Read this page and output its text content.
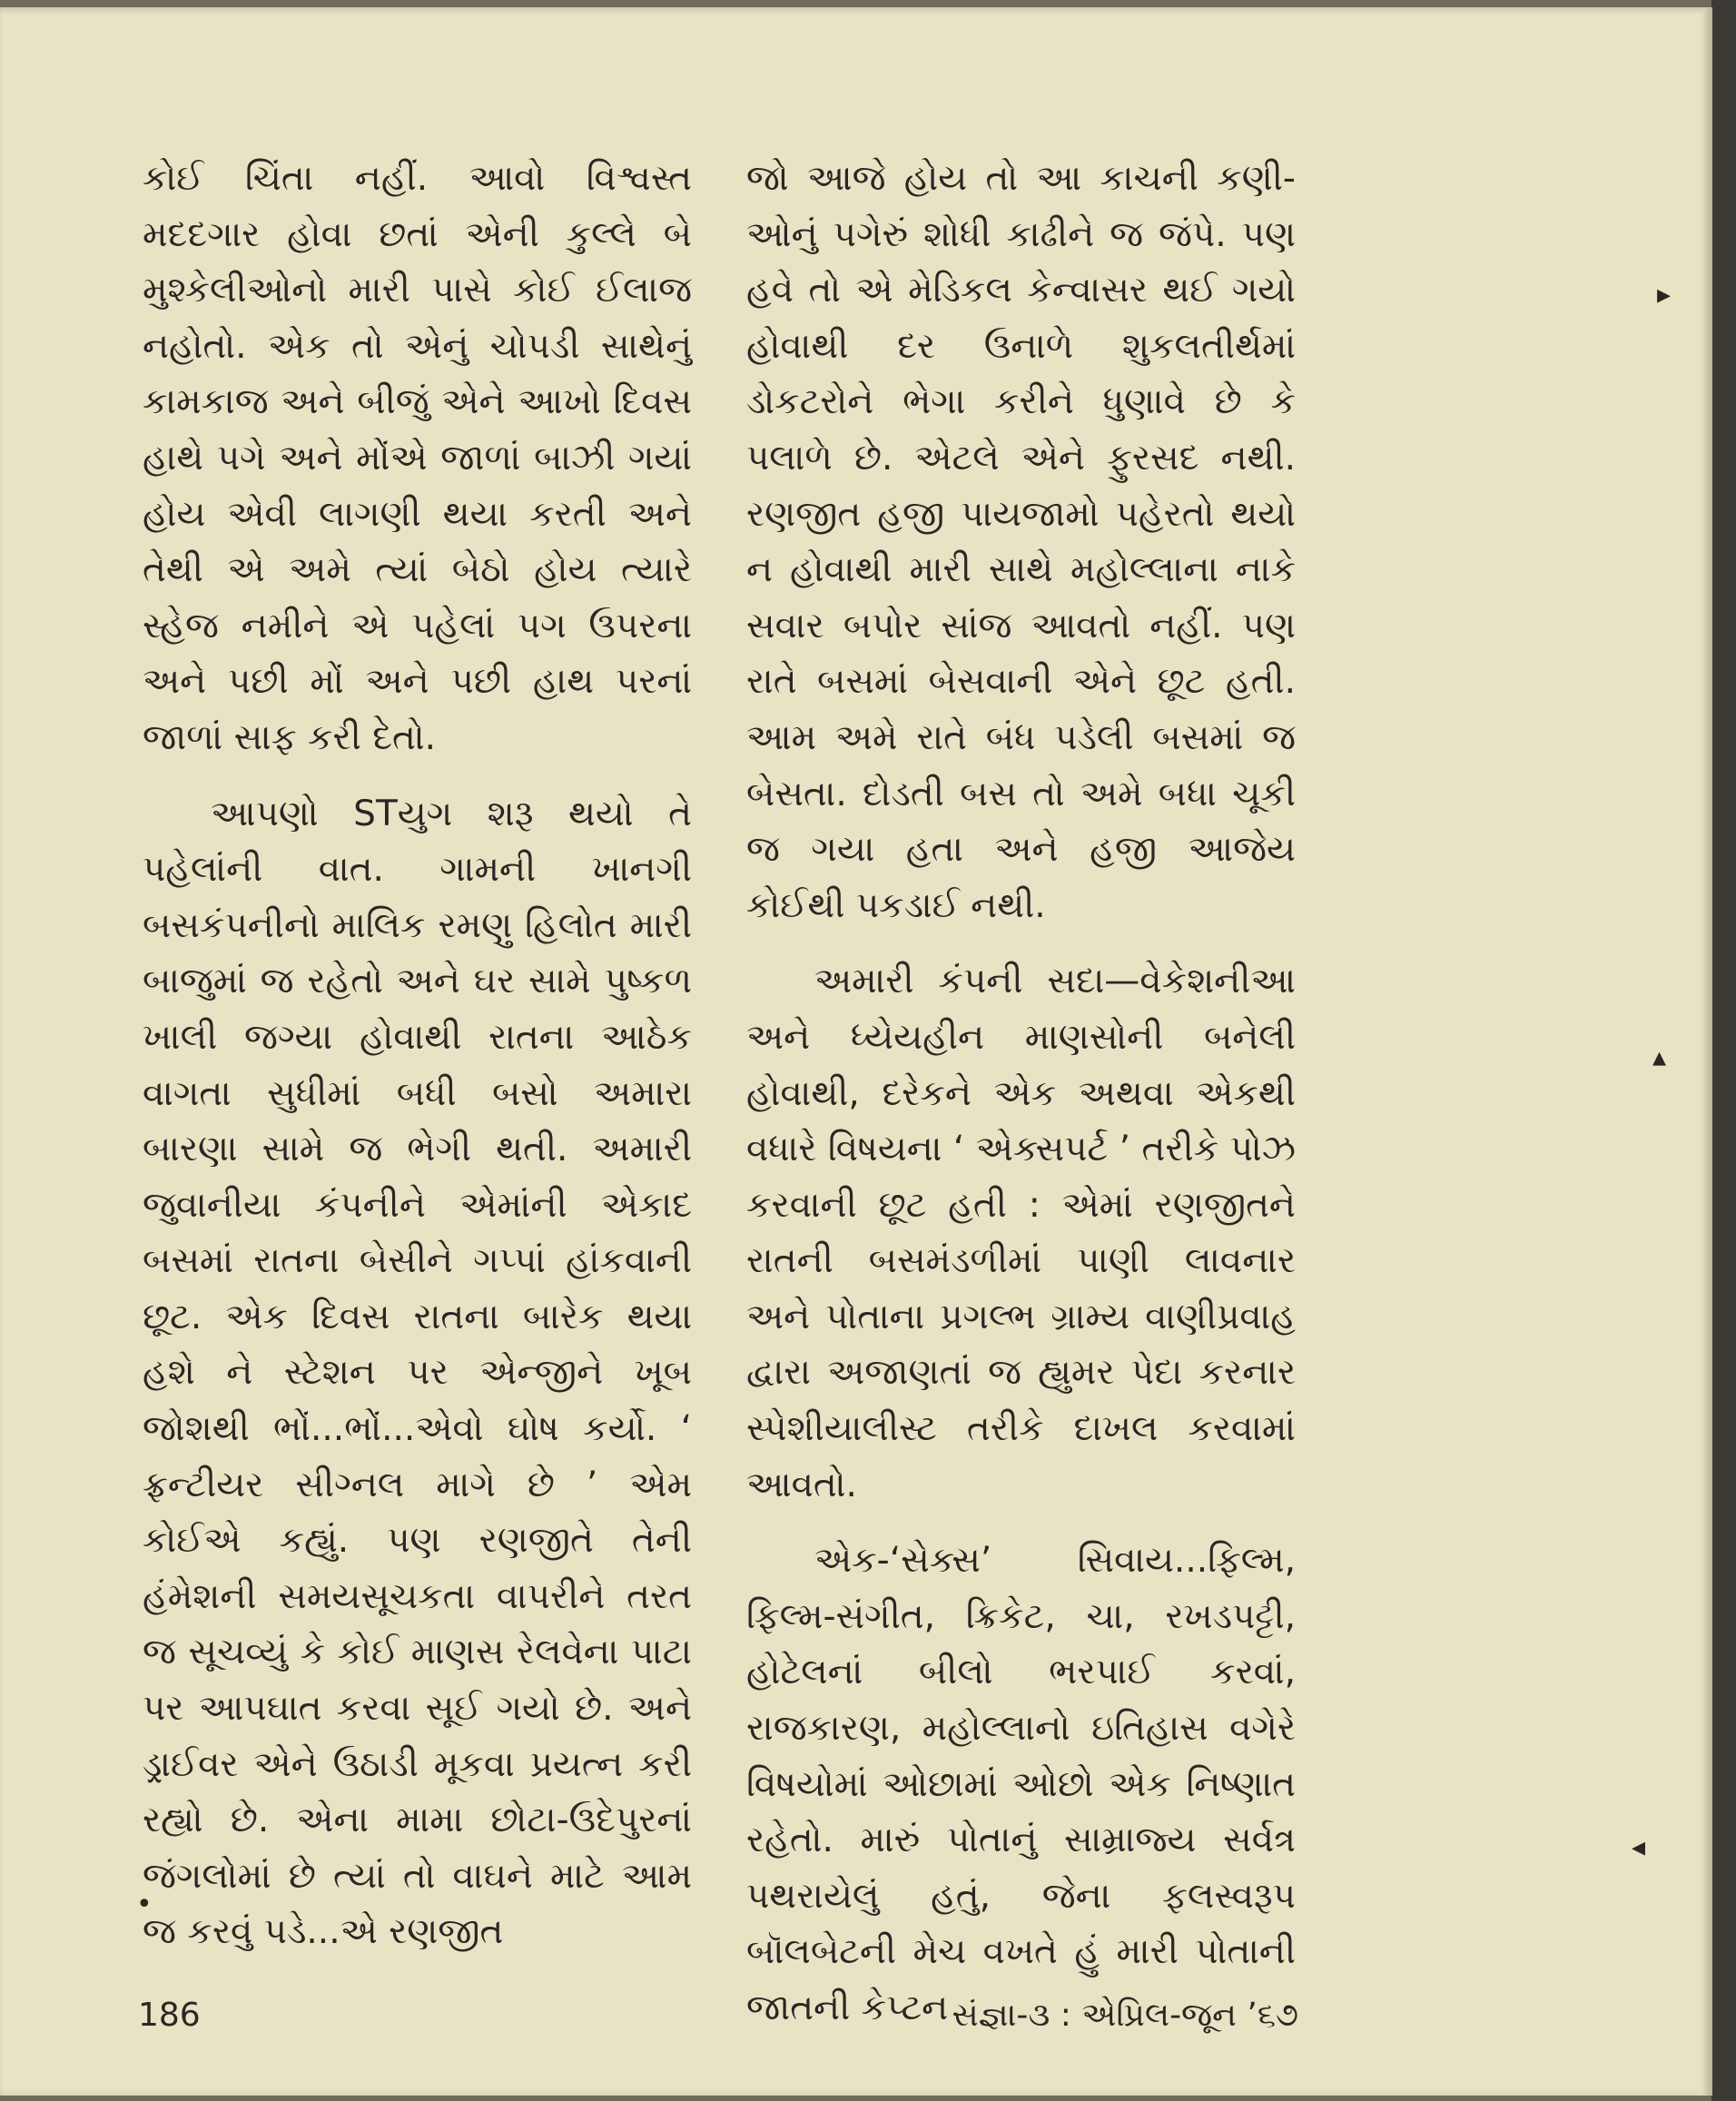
કોઈ ચિંતા નહીં. આવો વિશ્વસ્ત મદદગાર હોવા છતાં એની કુલ્લે બે મુશ્કેલીઓનો મારી પાસે કોઈ ઈલાજ નહોતો. એક તો એનું ચોપડી સાથેનું કામકાજ અને બીજું એને આખો દિવસ હાથે પગે અને મોંએ જાળાં બાઝી ગયાં હોય એવી લાગણી થયા કરતી અને તેથી એ અમે ત્યાં બેઠો હોય ત્યારે સ્હેજ નમીને એ પહેલાં પગ ઉપરના અને પછી મોં અને પછી હાથ પરનાં જાળાં સાફ કરી દેતો.

આપણો STયુગ શરૂ થયો તે પહેલાંની વાત. ગામની ખાનગી બસકંપનીનો માલિક રમણુ હિલોત મારી બાજુમાં જ રહેતો અને ઘર સામે પુષ્કળ ખાલી જગ્યા હોવાથી રાતના આઠેક વાગતા સુધીમાં બધી બસો અમારા બારણા સામે જ ભેગી થતી. અમારી જુવાનીયા કંપનીને એમાંની એકાદ બસમાં રાતના બેસીને ગપ્પાં હાંકવાની છૂટ. એક દિવસ રાતના બારેક થયા હશે ને સ્ટેશન પર એન્જીને ખૂબ જોશથી ભોં...ભોં...એવો ઘોષ કર્યો. ‘ ફ્રન્ટીયર સીગ્નલ માગે છે ’ એમ કોઈએ કહ્યું. પણ રણજીતે તેની હંમેશની સમયસૂચકતા વાપરીને તરત જ સૂચવ્યું કે કોઈ માણસ રેલવેના પાટા પર આપઘાત કરવા સૂઈ ગયો છે. અને ડ્રાઈવર એને ઉઠાડી મૂકવા પ્રયત્ન કરી રહ્યો છે. એના મામા છોટા-ઉદેપુરનાં જંગલોમાં છે ત્યાં તો વાઘને માટે આમ જ કરવું પડે...એ રણજીત

જો આજે હોય તો આ કાચની કણી-ઓનું પગેરું શોધી કાઢીને જ જંપે. પણ હવે તો એ મેડિકલ કેન્વાસર થઈ ગયો હોવાથી દર ઉનાળે શુકલતીર્થમાં ડોકટરોને ભેગા કરીને ધુણાવે છે કે પલાળે છે. એટલે એને ફુરસદ નથી. રણજીત હજી પાયજામો પહેરતો થયો ન હોવાથી મારી સાથે મહોલ્લાના નાકે સવાર બપોર સાંજ આવતો નહીં. પણ રાતે બસમાં બેસવાની એને છૂટ હતી. આમ અમે રાતે બંધ પડેલી બસમાં જ બેસતા. દોડતી બસ તો અમે બધા ચૂકી જ ગયા હતા અને હજી આજેય કોઈથી પકડાઈ નથી.

અમારી કંપની સદા—વેકેશનીઆ અને ધ્યેયહીન માણસોની બનેલી હોવાથી, દરેકને એક અથવા એકથી વધારે વિષયના ‘ એક્સપર્ટ ’ તરીકે પોઝ કરવાની છૂટ હતી : એમાં રણજીતને રાતની બસમંડળીમાં પાણી લાવનાર અને પોતાના પ્રગલ્ભ ગ્રામ્ય વાણીપ્રવાહ દ્વારા અજાણતાં જ હ્યુમર પેદા કરનાર સ્પેશીયાલીસ્ટ તરીકે દાખલ કરવામાં આવતો.

એક-‘સેક્સ’ સિવાય...ફિલ્મ, ફિલ્મ-સંગીત, ક્રિકેટ, ચા, રખડપટ્ટી, હોટેલનાં બીલો ભરપાઈ કરવાં, રાજકારણ, મહોલ્લાનો ઇતિહાસ વગેરે વિષયોમાં ઓછામાં ઓછો એક નિષ્ણાત રહેતો. મારું પોતાનું સામ્રાજ્ય સર્વત્ર પથરાયેલું હતું, જેના ફલસ્વરૂપ બૉલબેટની મેચ વખતે હું મારી પોતાની જાતની કેપ્ટન

▸
▴
◂
•
186	સંજ્ઞા-૩ : એપ્રિલ-જૂન ’૬૭
